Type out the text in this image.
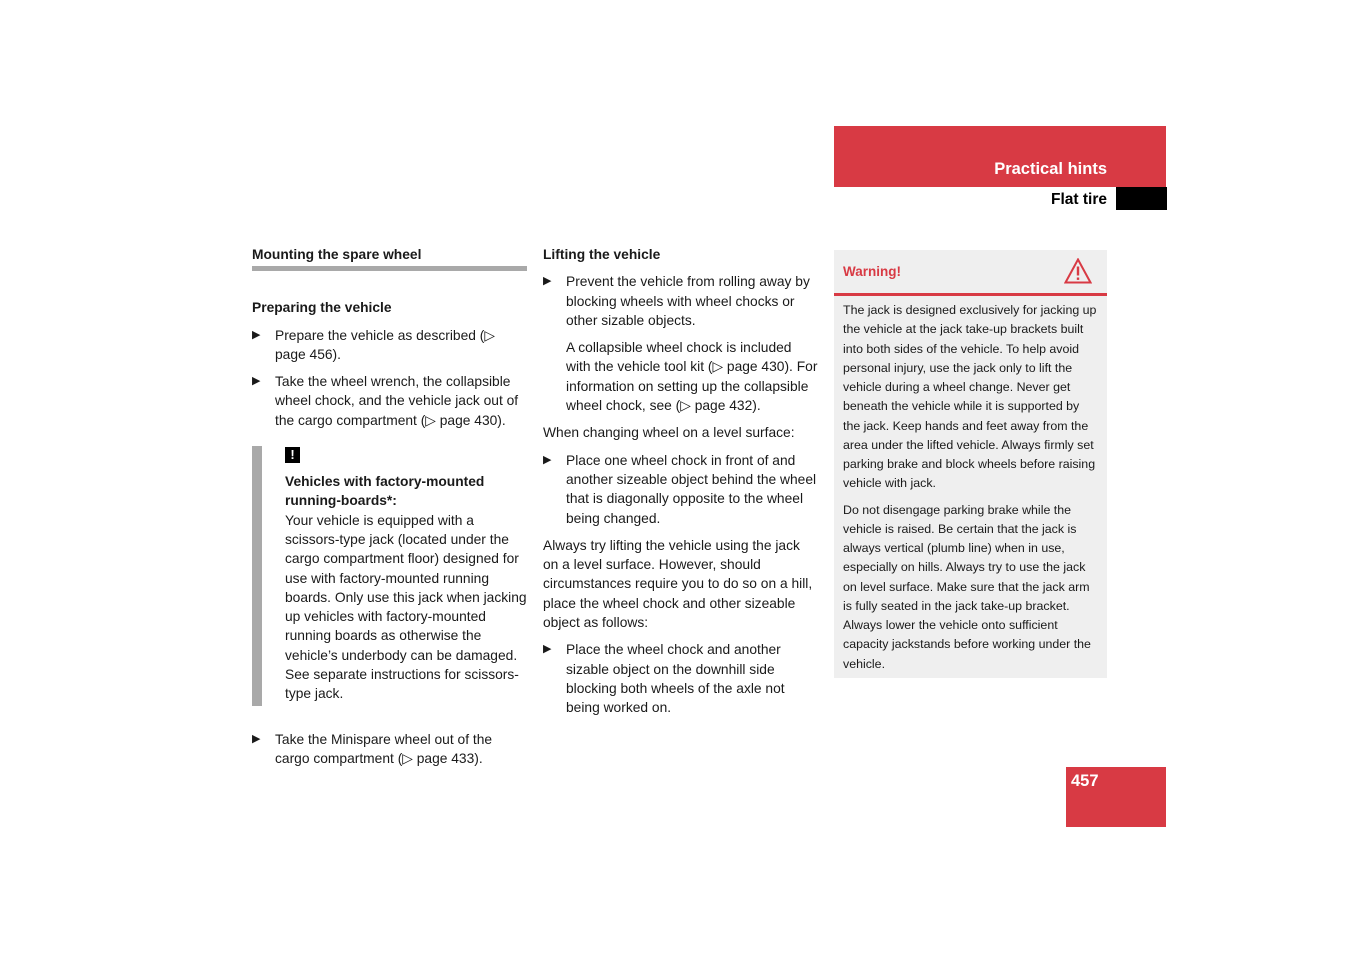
Practical hints
Flat tire
Mounting the spare wheel
Preparing the vehicle
▶ Prepare the vehicle as described (▷ page 456).
▶ Take the wheel wrench, the collapsible wheel chock, and the vehicle jack out of the cargo compartment (▷ page 430).
!
Vehicles with factory-mounted running-boards*:
Your vehicle is equipped with a scissors-type jack (located under the cargo compartment floor) designed for use with factory-mounted running boards. Only use this jack when jacking up vehicles with factory-mounted running boards as otherwise the vehicle’s underbody can be damaged. See separate instructions for scissors-type jack.
▶ Take the Minispare wheel out of the cargo compartment (▷ page 433).
Lifting the vehicle
▶ Prevent the vehicle from rolling away by blocking wheels with wheel chocks or other sizable objects.
A collapsible wheel chock is included with the vehicle tool kit (▷ page 430). For information on setting up the collapsible wheel chock, see (▷ page 432).
When changing wheel on a level surface:
▶ Place one wheel chock in front of and another sizeable object behind the wheel that is diagonally opposite to the wheel being changed.
Always try lifting the vehicle using the jack on a level surface. However, should circumstances require you to do so on a hill, place the wheel chock and other sizeable object as follows:
▶ Place the wheel chock and another sizable object on the downhill side blocking both wheels of the axle not being worked on.
Warning!

The jack is designed exclusively for jacking up the vehicle at the jack take-up brackets built into both sides of the vehicle. To help avoid personal injury, use the jack only to lift the vehicle during a wheel change. Never get beneath the vehicle while it is supported by the jack. Keep hands and feet away from the area under the lifted vehicle. Always firmly set parking brake and block wheels before raising vehicle with jack.

Do not disengage parking brake while the vehicle is raised. Be certain that the jack is always vertical (plumb line) when in use, especially on hills. Always try to use the jack on level surface. Make sure that the jack arm is fully seated in the jack take-up bracket. Always lower the vehicle onto sufficient capacity jackstands before working under the vehicle.

457
